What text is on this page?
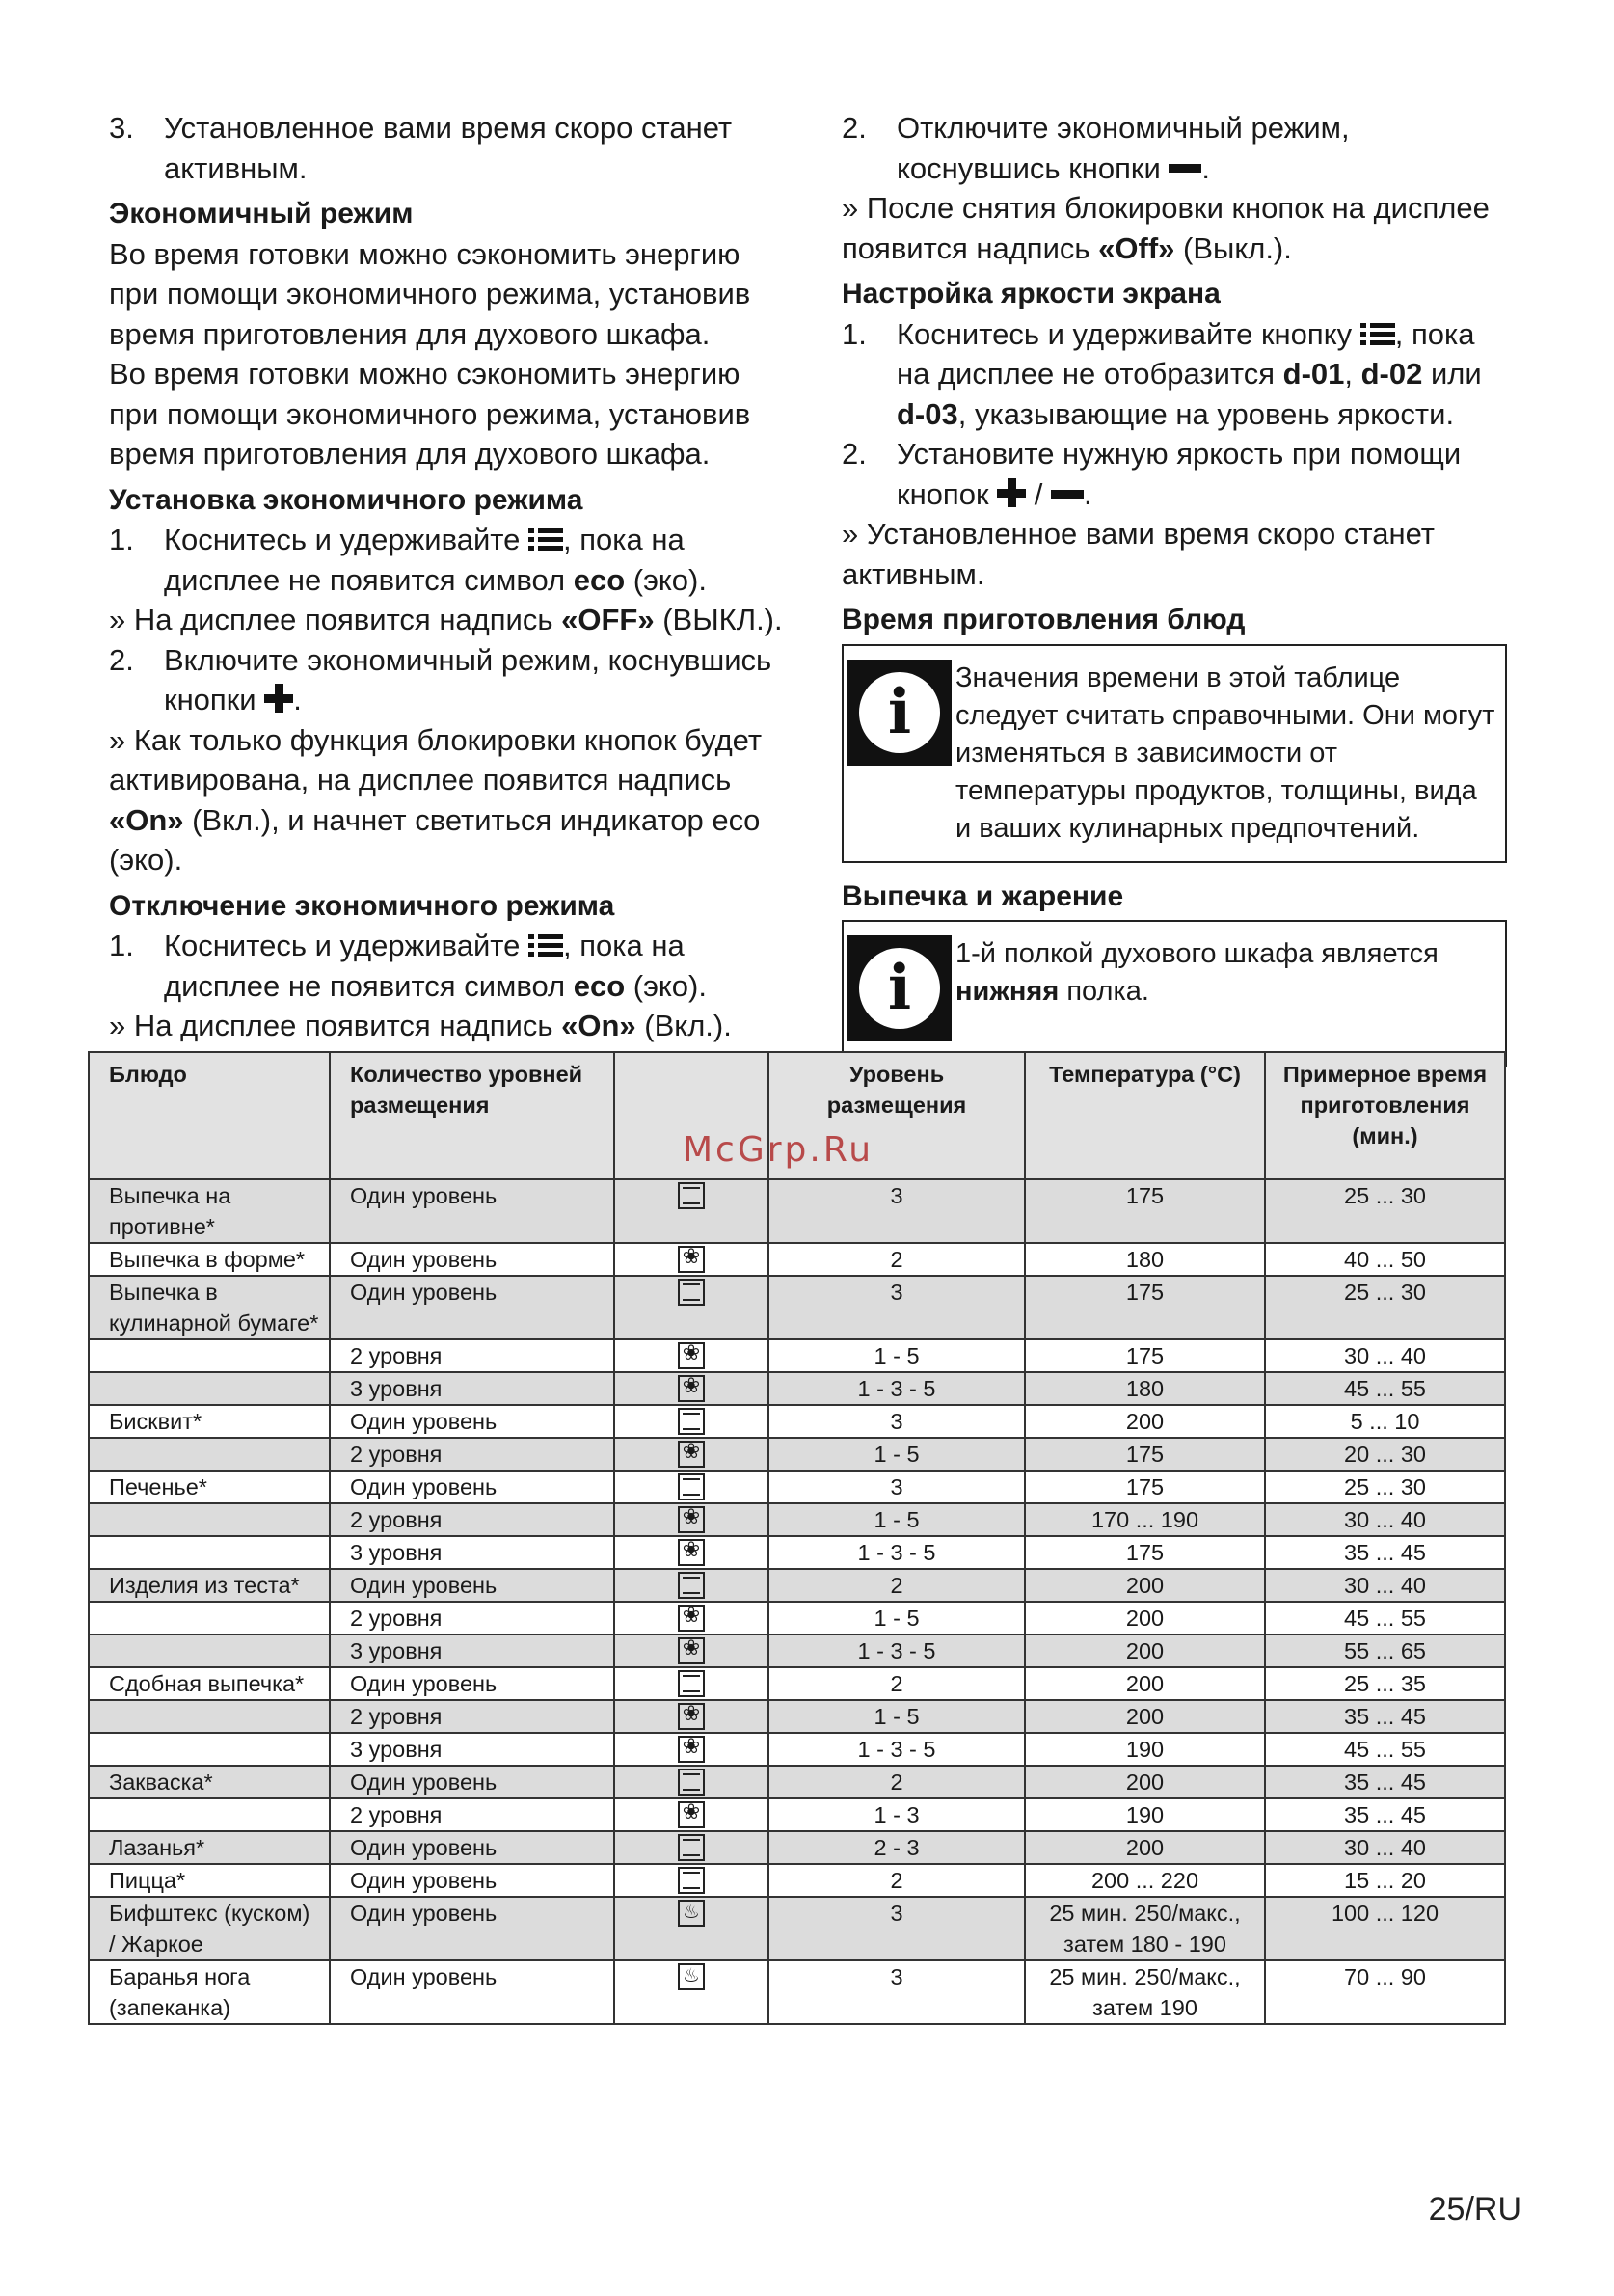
3.	Установленное вами время скоро станет активным.

Экономичный режим

Во время готовки можно сэкономить энергию при помощи экономичного режима, установив время приготовления для духового шкафа.

Во время готовки можно сэкономить энергию при помощи экономичного режима, установив время приготовления для духового шкафа.

Установка экономичного режима

1.	Коснитесь и удерживайте
, пока на дисплее не появится символ eco (эко).

» На дисплее появится надпись «OFF» (ВЫКЛ.).

2.	Включите экономичный режим, коснувшись кнопки .

» Как только функция блокировки кнопок будет активирована, на дисплее появится надпись «On» (Вкл.), и начнет светиться индикатор eco (эко).

Отключение экономичного режима

1.	Коснитесь и удерживайте
, пока на дисплее не появится символ eco (эко).

» На дисплее появится надпись «On» (Вкл.).

2.	Отключите экономичный режим, коснувшись кнопки .

» После снятия блокировки кнопок на дисплее появится надпись «Off» (Выкл.).

Настройка яркости экрана

1.	Коснитесь и удерживайте кнопку
, пока на дисплее не отобразится d-01, d-02 или d-03, указывающие на уровень яркости.
2.	Установите нужную яркость при помощи кнопок  / .

» Установленное вами время скоро станет активным.

Время приготовления блюд

i	Значения времени в этой таблице следует считать справочными. Они могут изменяться в зависимости от температуры продуктов, толщины, вида и ваших кулинарных предпочтений.

Выпечка и жарение

i	1-й полкой духового шкафа является нижняя полка.
Блюдо	Количество уровней размещения		Уровень размещения	Температура (°C)	Примерное время приготовления (мин.)
Выпечка на противне*	Один уровень		3	175	25 ... 30
Выпечка в форме*	Один уровень	❀	2	180	40 ... 50
Выпечка в кулинарной бумаге*	Один уровень		3	175	25 ... 30
	2 уровня	❀	1 - 5	175	30 ... 40
	3 уровня	❀	1 - 3 - 5	180	45 ... 55
Бисквит*	Один уровень		3	200	5 ... 10
	2 уровня	❀	1 - 5	175	20 ... 30
Печенье*	Один уровень		3	175	25 ... 30
	2 уровня	❀	1 - 5	170 ... 190	30 ... 40
	3 уровня	❀	1 - 3 - 5	175	35 ... 45
Изделия из теста*	Один уровень		2	200	30 ... 40
	2 уровня	❀	1 - 5	200	45 ... 55
	3 уровня	❀	1 - 3 - 5	200	55 ... 65
Сдобная выпечка*	Один уровень		2	200	25 ... 35
	2 уровня	❀	1 - 5	200	35 ... 45
	3 уровня	❀	1 - 3 - 5	190	45 ... 55
Закваска*	Один уровень		2	200	35 ... 45
	2 уровня	❀	1 - 3	190	35 ... 45
Лазанья*	Один уровень		2 - 3	200	30 ... 40
Пицца*	Один уровень		2	200 ... 220	15 ... 20
Бифштекс (куском) / Жаркое	Один уровень	♨	3	25 мин. 250/макс., затем 180 - 190	100 ... 120
Баранья нога (запеканка)	Один уровень	♨	3	25 мин. 250/макс., затем 190	70 ... 90
McGrp.Ru
25/RU
